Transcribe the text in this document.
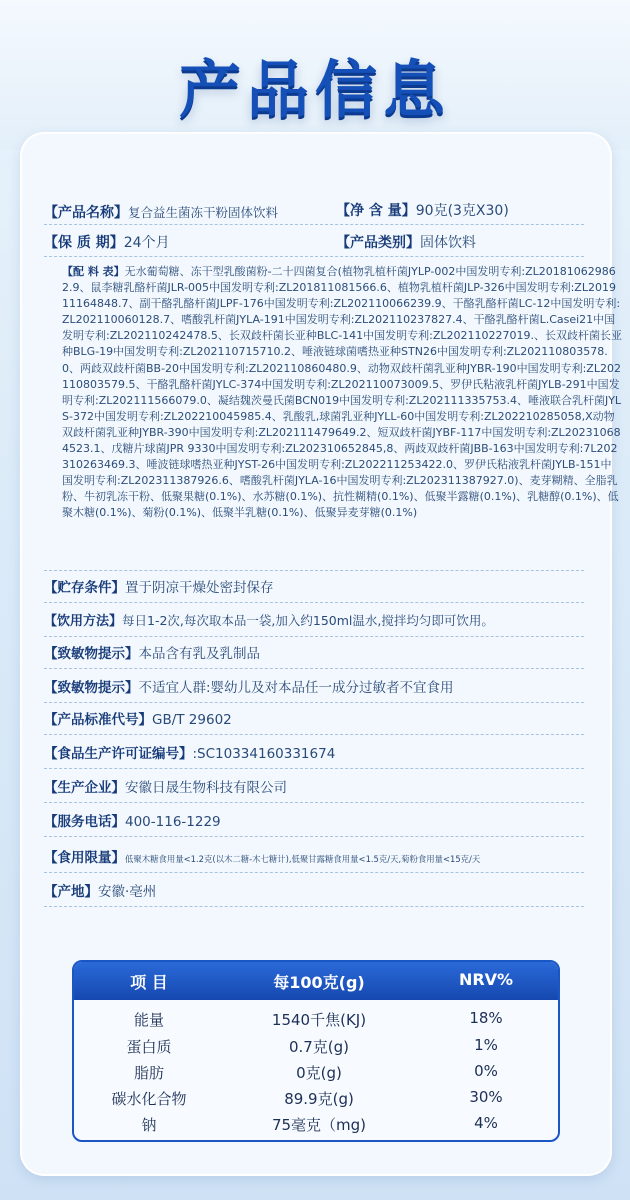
产品信息
【产品名称】复合益生菌冻干粉固体饮料	【净 含 量】90克(3克X30)
【保 质 期】24个月	【产品类别】固体饮料
【配 料 表】无水葡萄糖、冻干型乳酸菌粉-二十四菌复合(植物乳植杆菌JYLP-002中国发明专利:ZL201810629862.9、鼠李糖乳酪杆菌JLR-005中国发明专利:ZL201811081566.6、植物乳植杆菌JLP-326中国发明专利:ZL201911164848.7、副干酪乳酪杆菌JLPF-176中国发明专利:ZL202110066239.9、干酪乳酪杆菌LC-12中国发明专利:ZL202110060128.7、嗜酸乳杆菌JYLA-191中国发明专利:ZL202110237827.4、干酪乳酪杆菌L.Casei21中国发明专利:ZL202110242478.5、长双歧杆菌长亚种BLC-141中国发明专利:ZL202110227019.、长双歧杆菌长亚种BLG-19中国发明专利:ZL202110715710.2、唾液链球菌嗜热亚种STN26中国发明专利:ZL202110803578.0、两歧双歧杆菌BB-20中国发明专利:ZL202110860480.9、动物双歧杆菌乳亚种JYBR-190中国发明专利:ZL202110803579.5、干酪乳酪杆菌JYLC-374中国发明专利:ZL202110073009.5、罗伊氏粘液乳杆菌JYLB-291中国发明专利:ZL202111566079.0、凝结魏茨曼氏菌BCN019中国发明专利:ZL202111335753.4、唾液联合乳杆菌JYLS-372中国发明专利:ZL202210045985.4、乳酸乳,球菌乳亚种JYLL-60中国发明专利:ZL202210285058,X动物双歧杆菌乳亚种JYBR-390中国发明专利:ZL202111479649.2、短双歧杆菌JYBF-117中国发明专利:ZL202310684523.1、戊糖片球菌JPR 9330中国发明专利:ZL202310652845,8、两歧双歧杆菌JBB-163中国发明专利:7L202310263469.3、唾波链球嗜热亚种JYST-26中国发明专利:ZL202211253422.0、罗伊氏粘液乳杆菌JYLB-151中国发明专利:ZL202311387926.6、嗜酸乳杆菌JYLA-16中国发明专利:ZL202311387927.0)、麦芽糊精、全脂乳粉、牛初乳冻干粉、低聚果糖(0.1%)、水苏糖(0.1%)、抗性糊精(0.1%)、低聚半露糖(0.1%)、乳糖醇(0.1%)、低聚木糖(0.1%)、菊粉(0.1%)、低聚半乳糖(0.1%)、低聚异麦芽糖(0.1%)
【贮存条件】置于阴凉干燥处密封保存
【饮用方法】每日1-2次,每次取本品一袋,加入约150ml温水,搅拌均匀即可饮用。
【致敏物提示】本品含有乳及乳制品
【致敏物提示】不适宜人群:婴幼儿及对本品任一成分过敏者不宜食用
【产品标准代号】GB/T 29602
【食品生产许可证编号】:SC10334160331674
【生产企业】安徽日晟生物科技有限公司
【服务电话】400-116-1229
【食用限量】低聚木糖食用量<1.2克(以木二糖-木七糖计),低聚甘露糖食用量<1.5克/天,菊粉食用量<15克/天
【产地】安徽·亳州
项 目	每100克(g)	NRV%
能量	1540千焦(KJ)	18%
蛋白质	0.7克(g)	1%
脂肪	0克(g)	0%
碳水化合物	89.9克(g)	30%
钠	75毫克（mg)	4%
